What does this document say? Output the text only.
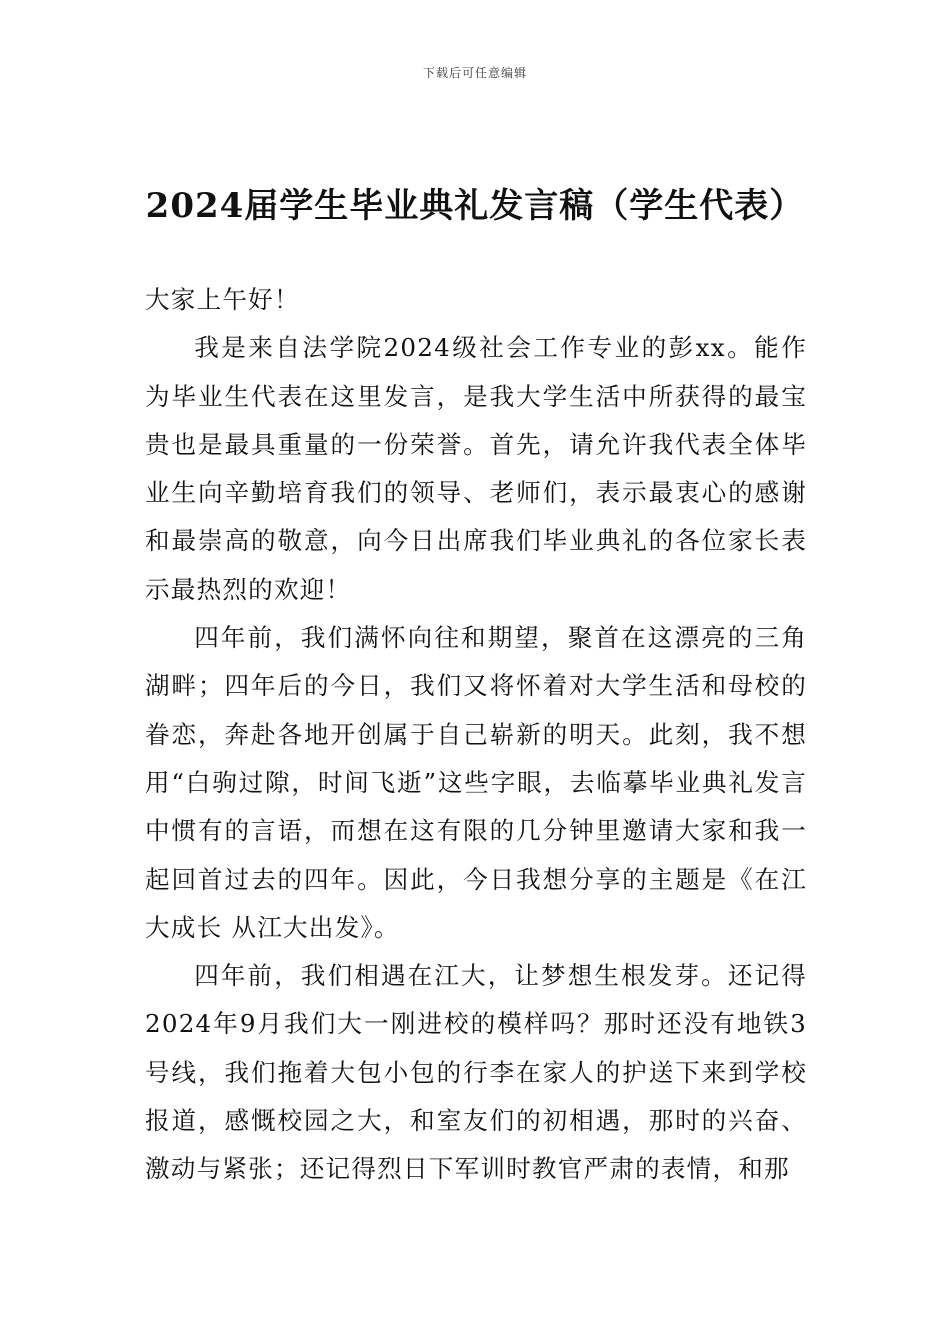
下载后可任意编辑
2024届学生毕业典礼发言稿（学生代表）

大家上午好！

我是来自法学院2024级社会工作专业的彭xx。能作为毕业生代表在这里发言，是我大学生活中所获得的最宝贵也是最具重量的一份荣誉。首先，请允许我代表全体毕业生向辛勤培育我们的领导、老师们，表示最衷心的感谢和最崇高的敬意，向今日出席我们毕业典礼的各位家长表示最热烈的欢迎！

四年前，我们满怀向往和期望，聚首在这漂亮的三角湖畔；四年后的今日，我们又将怀着对大学生活和母校的眷恋，奔赴各地开创属于自己崭新的明天。此刻，我不想用“白驹过隙，时间飞逝”这些字眼，去临摹毕业典礼发言中惯有的言语，而想在这有限的几分钟里邀请大家和我一起回首过去的四年。因此，今日我想分享的主题是《在江大成长 从江大出发》。

四年前，我们相遇在江大，让梦想生根发芽。还记得2024年9月我们大一刚进校的模样吗？那时还没有地铁3号线，我们拖着大包小包的行李在家人的护送下来到学校报道，感慨校园之大，和室友们的初相遇，那时的兴奋、激动与紧张；还记得烈日下军训时教官严肃的表情，和那
